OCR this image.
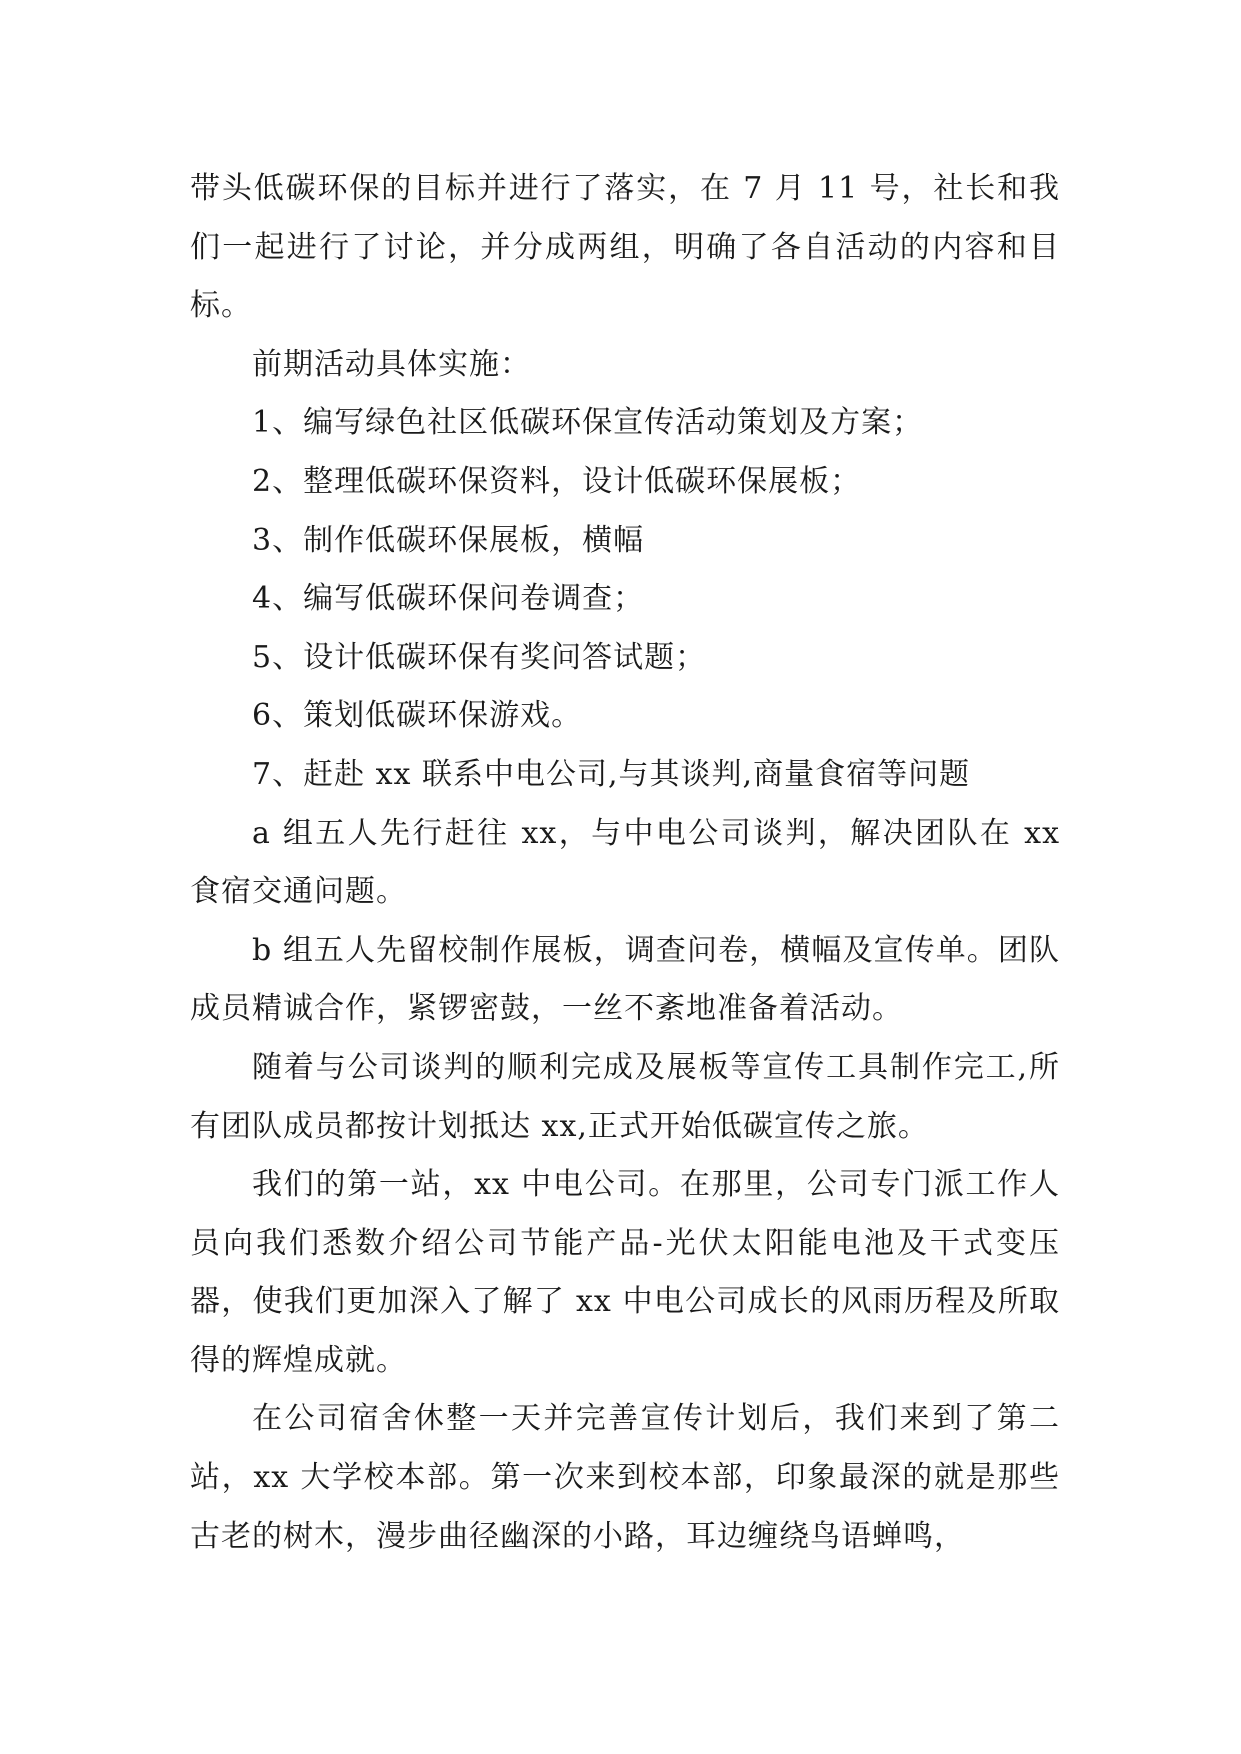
带头低碳环保的目标并进行了落实，在 7 月 11 号，社长和我们一起进行了讨论，并分成两组，明确了各自活动的内容和目标。

前期活动具体实施：

1、编写绿色社区低碳环保宣传活动策划及方案；

2、整理低碳环保资料，设计低碳环保展板；

3、制作低碳环保展板，横幅

4、编写低碳环保问卷调查；

5、设计低碳环保有奖问答试题；

6、策划低碳环保游戏。

7、赶赴 xx 联系中电公司,与其谈判,商量食宿等问题

a 组五人先行赶往 xx，与中电公司谈判，解决团队在 xx 食宿交通问题。

b 组五人先留校制作展板，调查问卷，横幅及宣传单。团队成员精诚合作，紧锣密鼓，一丝不紊地准备着活动。

随着与公司谈判的顺利完成及展板等宣传工具制作完工,所有团队成员都按计划抵达 xx,正式开始低碳宣传之旅。

我们的第一站，xx 中电公司。在那里，公司专门派工作人员向我们悉数介绍公司节能产品-光伏太阳能电池及干式变压器，使我们更加深入了解了 xx 中电公司成长的风雨历程及所取得的辉煌成就。

在公司宿舍休整一天并完善宣传计划后，我们来到了第二站，xx 大学校本部。第一次来到校本部，印象最深的就是那些古老的树木，漫步曲径幽深的小路，耳边缠绕鸟语蝉鸣，
